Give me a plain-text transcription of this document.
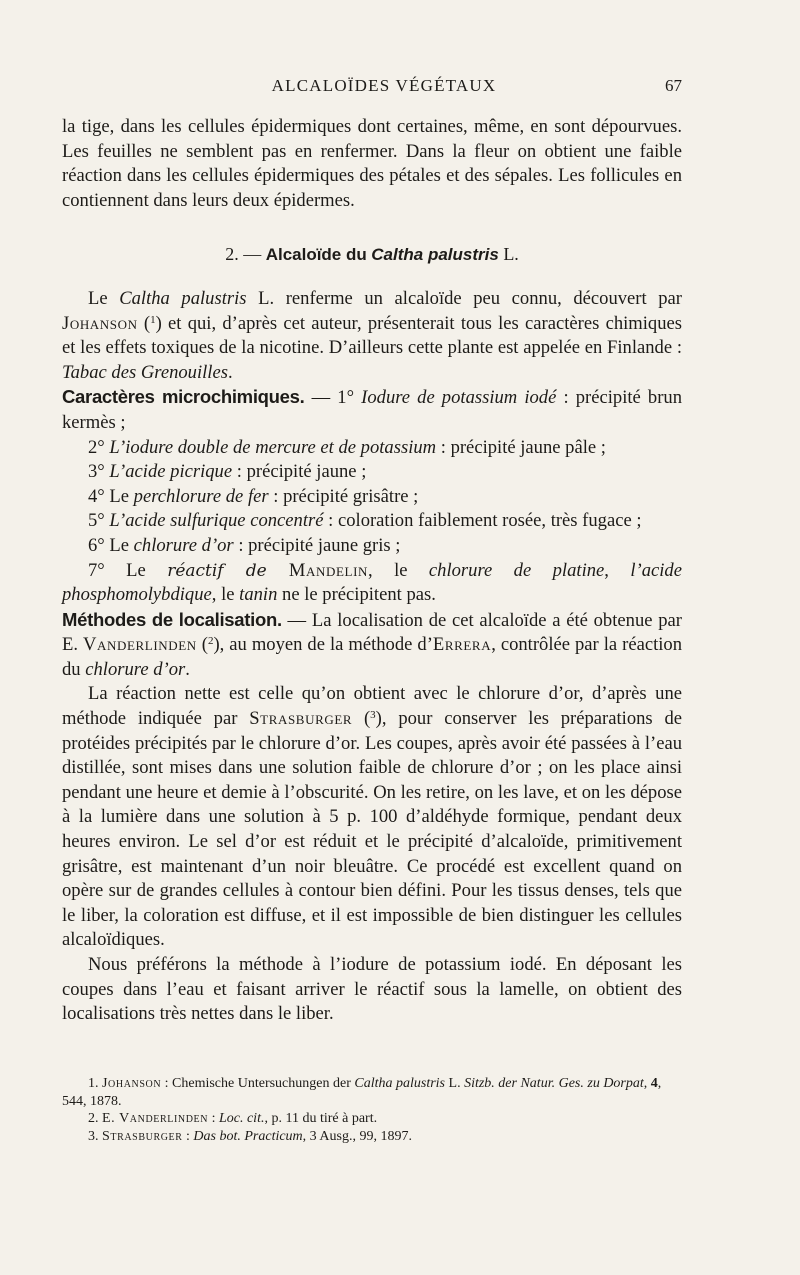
ALCALOÏDES VÉGÉTAUX	67

la tige, dans les cellules épidermiques dont certaines, même, en sont dépourvues. Les feuilles ne semblent pas en renfermer. Dans la fleur on obtient une faible réaction dans les cellules épidermiques des pétales et des sépales. Les follicules en contiennent dans leurs deux épidermes.

2. — Alcaloïde du Caltha palustris L.

Le Caltha palustris L. renferme un alcaloïde peu connu, découvert par Johanson ($^1$) et qui, d’après cet auteur, présenterait tous les caractères chimiques et les effets toxiques de la nicotine. D’ailleurs cette plante est appelée en Finlande : Tabac des Grenouilles.

Caractères microchimiques. — 1° Iodure de potassium iodé : précipité brun kermès ;

2° L’iodure double de mercure et de potassium : précipité jaune pâle ;

3° L’acide picrique : précipité jaune ;

4° Le perchlorure de fer : précipité grisâtre ;

5° L’acide sulfurique concentré : coloration faiblement rosée, très fugace ;

6° Le chlorure d’or : précipité jaune gris ;

7° Le réactif de Mandelin, le chlorure de platine, l’acide phosphomolybdique, le tanin ne le précipitent pas.

Méthodes de localisation. — La localisation de cet alcaloïde a été obtenue par E. Vanderlinden ($^2$), au moyen de la méthode d’Errera, contrôlée par la réaction du chlorure d’or.

La réaction nette est celle qu’on obtient avec le chlorure d’or, d’après une méthode indiquée par Strasburger ($^3$), pour conserver les préparations de protéides précipités par le chlorure d’or. Les coupes, après avoir été passées à l’eau distillée, sont mises dans une solution faible de chlorure d’or ; on les place ainsi pendant une heure et demie à l’obscurité. On les retire, on les lave, et on les dépose à la lumière dans une solution à 5 p. 100 d’aldéhyde formique, pendant deux heures environ. Le sel d’or est réduit et le précipité d’alcaloïde, primitivement grisâtre, est maintenant d’un noir bleuâtre. Ce procédé est excellent quand on opère sur de grandes cellules à contour bien défini. Pour les tissus denses, tels que le liber, la coloration est diffuse, et il est impossible de bien distinguer les cellules alcaloïdiques.

Nous préférons la méthode à l’iodure de potassium iodé. En déposant les coupes dans l’eau et faisant arriver le réactif sous la lamelle, on obtient des localisations très nettes dans le liber.

1. Johanson : Chemische Untersuchungen der Caltha palustris L. Sitzb. der Natur. Ges. zu Dorpat, 4, 544, 1878.

2. E. Vanderlinden : Loc. cit., p. 11 du tiré à part.

3. Strasburger : Das bot. Practicum, 3 Ausg., 99, 1897.
